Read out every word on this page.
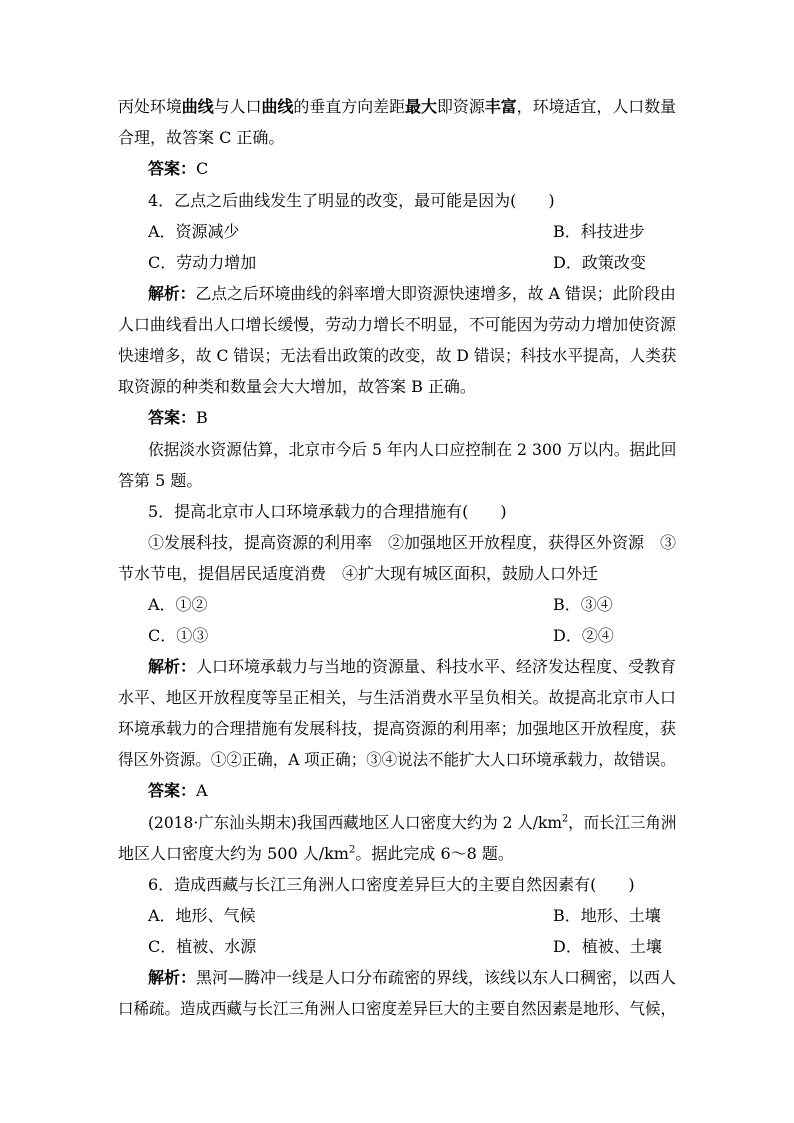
丙处环境曲线与人口曲线的垂直方向差距最大即资源丰富，环境适宜，人口数量
合理，故答案 C 正确。
答案：C
4．乙点之后曲线发生了明显的改变，最可能是因为(　　)
A．资源减少	B．科技进步
C．劳动力增加	D．政策改变
解析：乙点之后环境曲线的斜率增大即资源快速增多，故 A 错误；此阶段由
人口曲线看出人口增长缓慢，劳动力增长不明显，不可能因为劳动力增加使资源
快速增多，故 C 错误；无法看出政策的改变，故 D 错误；科技水平提高，人类获
取资源的种类和数量会大大增加，故答案 B 正确。
答案：B
依据淡水资源估算，北京市今后 5 年内人口应控制在 2 300 万以内。据此回
答第 5 题。
5．提高北京市人口环境承载力的合理措施有(　　)
①发展科技，提高资源的利用率　②加强地区开放程度，获得区外资源　③
节水节电，提倡居民适度消费　④扩大现有城区面积，鼓励人口外迁
A．①②	B．③④
C．①③	D．②④
解析：人口环境承载力与当地的资源量、科技水平、经济发达程度、受教育
水平、地区开放程度等呈正相关，与生活消费水平呈负相关。故提高北京市人口
环境承载力的合理措施有发展科技，提高资源的利用率；加强地区开放程度，获
得区外资源。①②正确，A 项正确；③④说法不能扩大人口环境承载力，故错误。
答案：A
(2018·广东汕头期末)我国西藏地区人口密度大约为 2 人$/km^2$，而长江三角洲
地区人口密度大约为 500 人$/km^2$。据此完成 6～8 题。
6．造成西藏与长江三角洲人口密度差异巨大的主要自然因素有(　　)
A．地形、气候	B．地形、土壤
C．植被、水源	D．植被、土壤
解析：黑河—腾冲一线是人口分布疏密的界线，该线以东人口稠密，以西人
口稀疏。造成西藏与长江三角洲人口密度差异巨大的主要自然因素是地形、气候，
